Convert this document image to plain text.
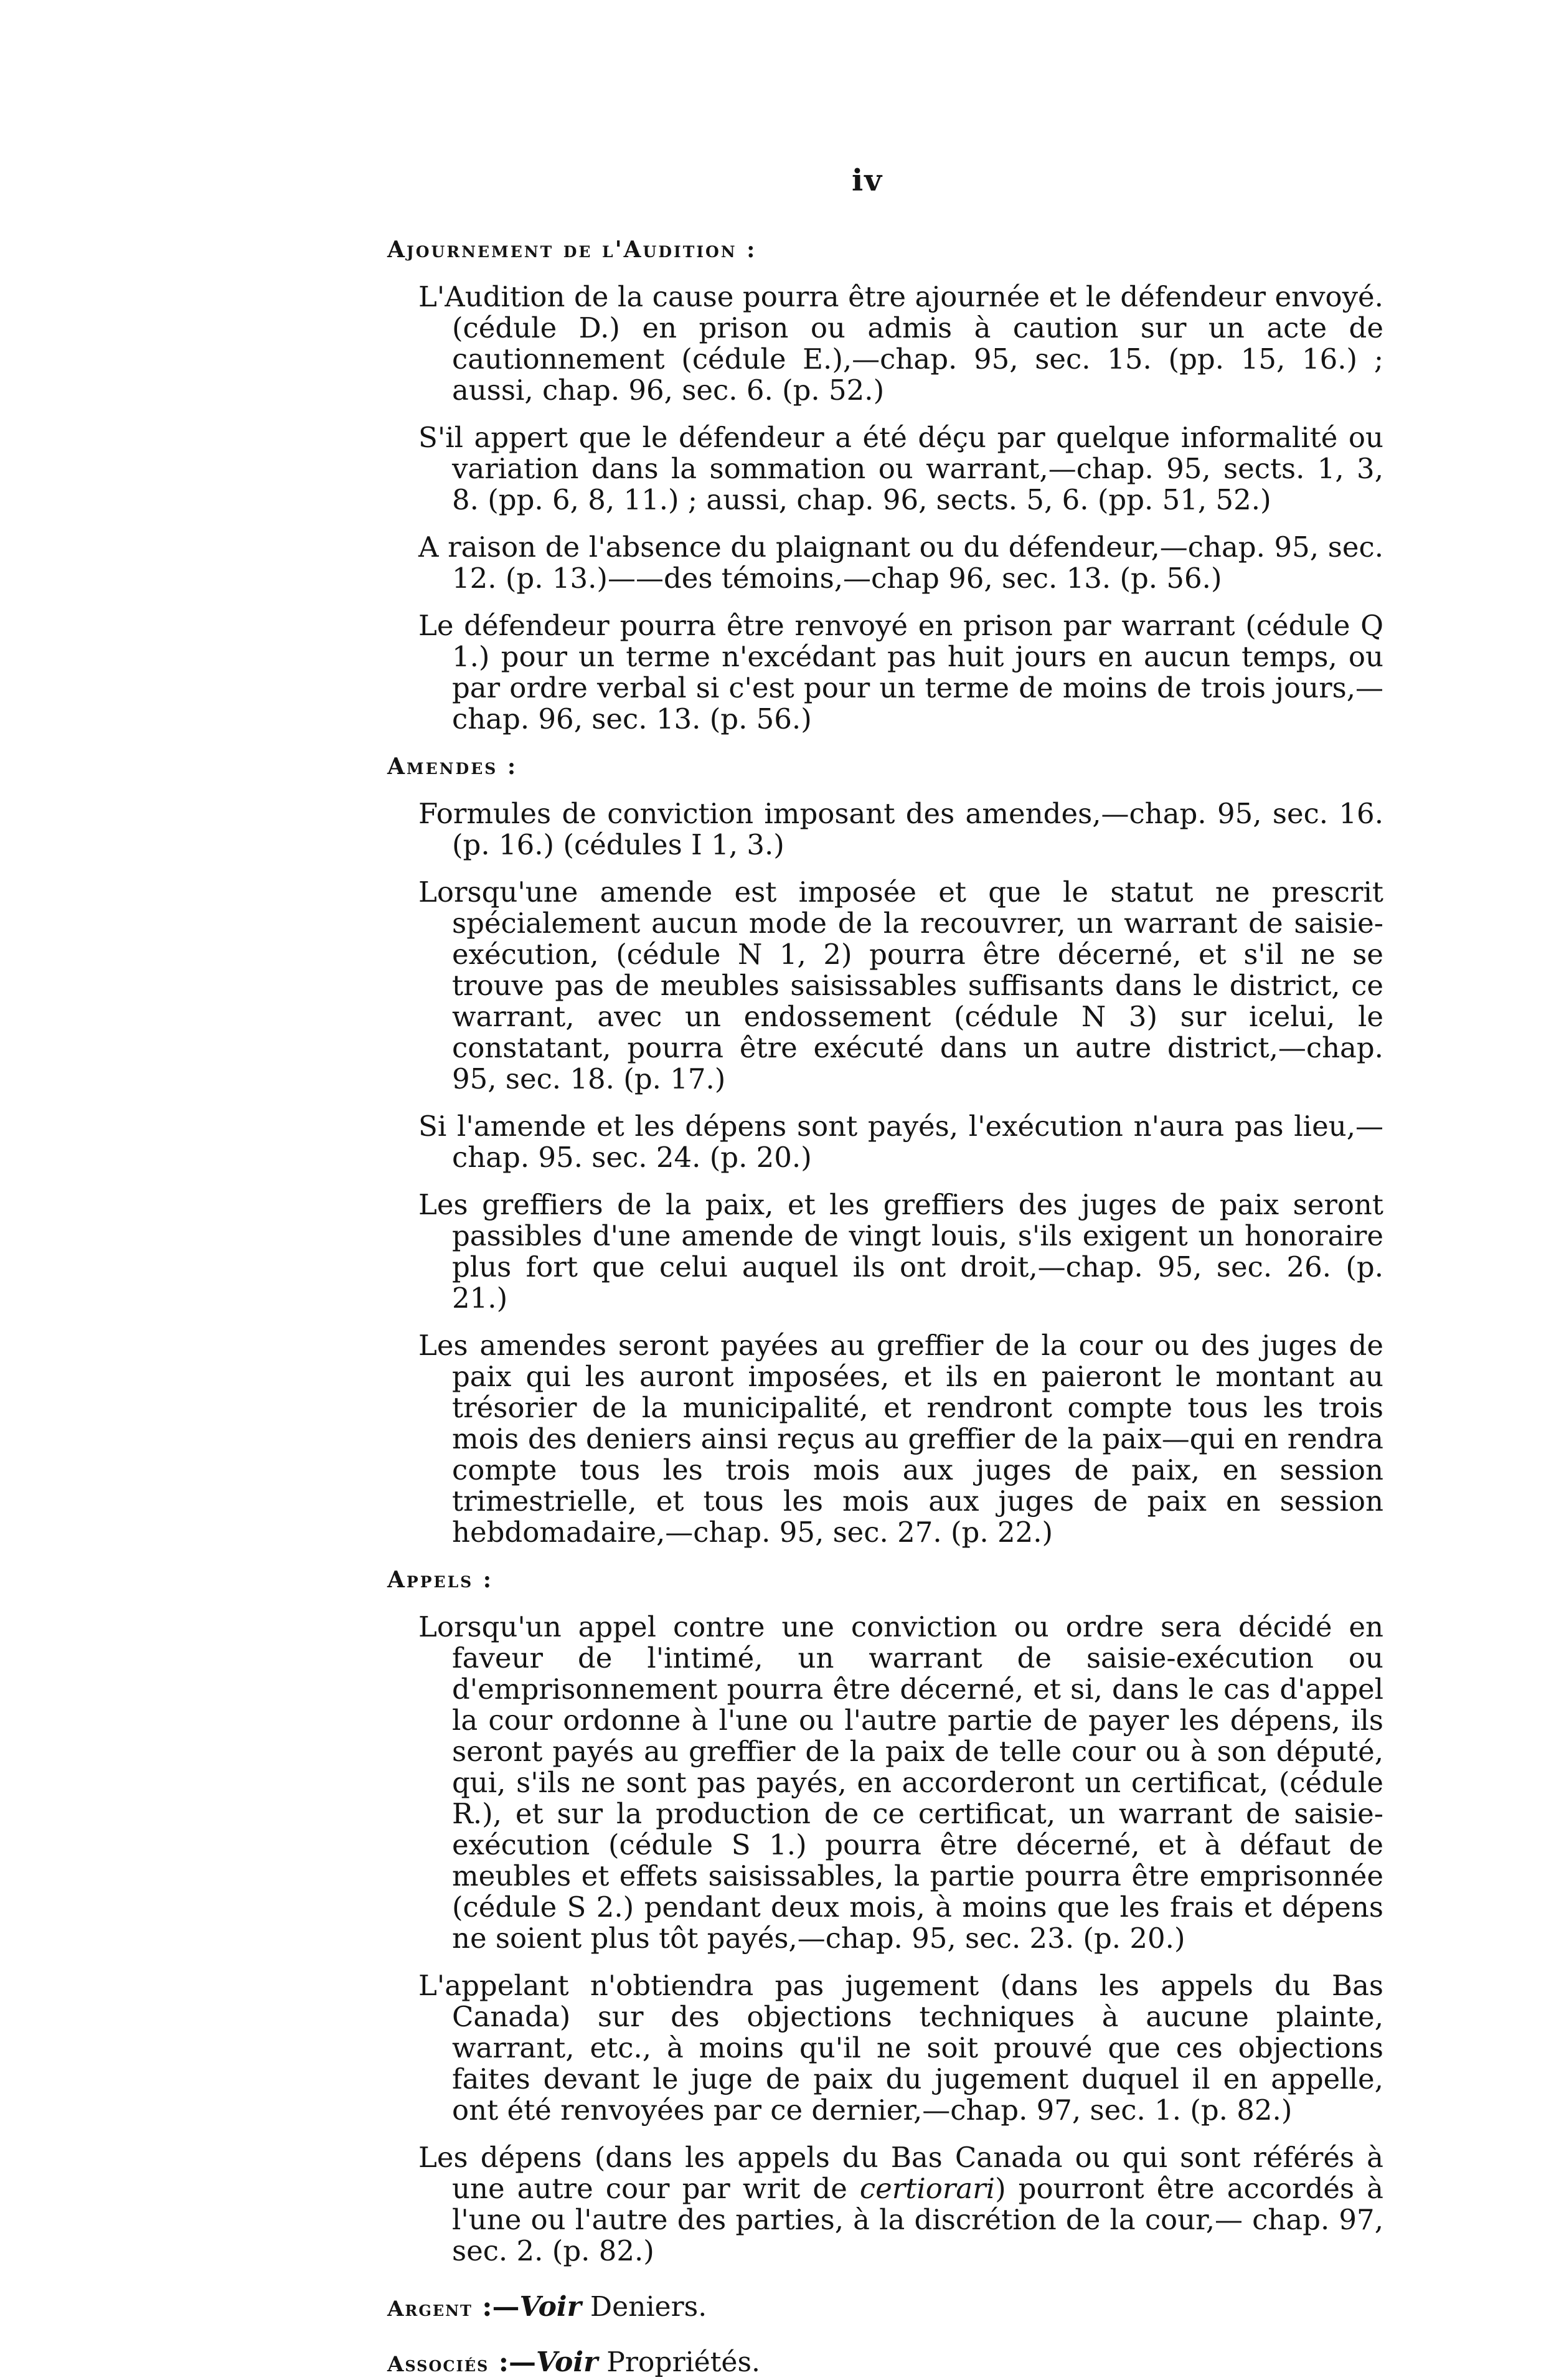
iv
Ajournement de l'Audition :

L'Audition de la cause pourra être ajournée et le défendeur envoyé. (cédule D.) en prison ou admis à caution sur un acte de cautionnement (cédule E.),—chap. 95, sec. 15. (pp. 15, 16.) ; aussi, chap. 96, sec. 6. (p. 52.)

S'il appert que le défendeur a été déçu par quelque informalité ou variation dans la sommation ou warrant,—chap. 95, sects. 1, 3, 8. (pp. 6, 8, 11.) ; aussi, chap. 96, sects. 5, 6. (pp. 51, 52.)

A raison de l'absence du plaignant ou du défendeur,—chap. 95, sec. 12. (p. 13.)——des témoins,—chap 96, sec. 13. (p. 56.)

Le défendeur pourra être renvoyé en prison par warrant (cédule Q 1.) pour un terme n'excédant pas huit jours en aucun temps, ou par ordre verbal si c'est pour un terme de moins de trois jours,—chap. 96, sec. 13. (p. 56.)

Amendes :

Formules de conviction imposant des amendes,—chap. 95, sec. 16. (p. 16.) (cédules I 1, 3.)

Lorsqu'une amende est imposée et que le statut ne prescrit spécialement aucun mode de la recouvrer, un warrant de saisie-exécution, (cédule N 1, 2) pourra être décerné, et s'il ne se trouve pas de meubles saisissables suffisants dans le district, ce warrant, avec un endossement (cédule N 3) sur icelui, le constatant, pourra être exécuté dans un autre district,—chap. 95, sec. 18. (p. 17.)

Si l'amende et les dépens sont payés, l'exécution n'aura pas lieu,—chap. 95. sec. 24. (p. 20.)

Les greffiers de la paix, et les greffiers des juges de paix seront passibles d'une amende de vingt louis, s'ils exigent un honoraire plus fort que celui auquel ils ont droit,—chap. 95, sec. 26. (p. 21.)

Les amendes seront payées au greffier de la cour ou des juges de paix qui les auront imposées, et ils en paieront le montant au trésorier de la municipalité, et rendront compte tous les trois mois des deniers ainsi reçus au greffier de la paix—qui en rendra compte tous les trois mois aux juges de paix, en session trimestrielle, et tous les mois aux juges de paix en session hebdomadaire,—chap. 95, sec. 27. (p. 22.)

Appels :

Lorsqu'un appel contre une conviction ou ordre sera décidé en faveur de l'intimé, un warrant de saisie-exécution ou d'emprisonnement pourra être décerné, et si, dans le cas d'appel la cour ordonne à l'une ou l'autre partie de payer les dépens, ils seront payés au greffier de la paix de telle cour ou à son député, qui, s'ils ne sont pas payés, en accorderont un certificat, (cédule R.), et sur la production de ce certificat, un warrant de saisie-exécution (cédule S 1.) pourra être décerné, et à défaut de meubles et effets saisissables, la partie pourra être emprisonnée (cédule S 2.) pendant deux mois, à moins que les frais et dépens ne soient plus tôt payés,—chap. 95, sec. 23. (p. 20.)

L'appelant n'obtiendra pas jugement (dans les appels du Bas Canada) sur des objections techniques à aucune plainte, warrant, etc., à moins qu'il ne soit prouvé que ces objections faites devant le juge de paix du jugement duquel il en appelle, ont été renvoyées par ce dernier,—chap. 97, sec. 1. (p. 82.)

Les dépens (dans les appels du Bas Canada ou qui sont référés à une autre cour par writ de certiorari) pourront être accordés à l'une ou l'autre des parties, à la discrétion de la cour,— chap. 97, sec. 2. (p. 82.)

Argent :—Voir Deniers.
Associés :—Voir Propriétés.
